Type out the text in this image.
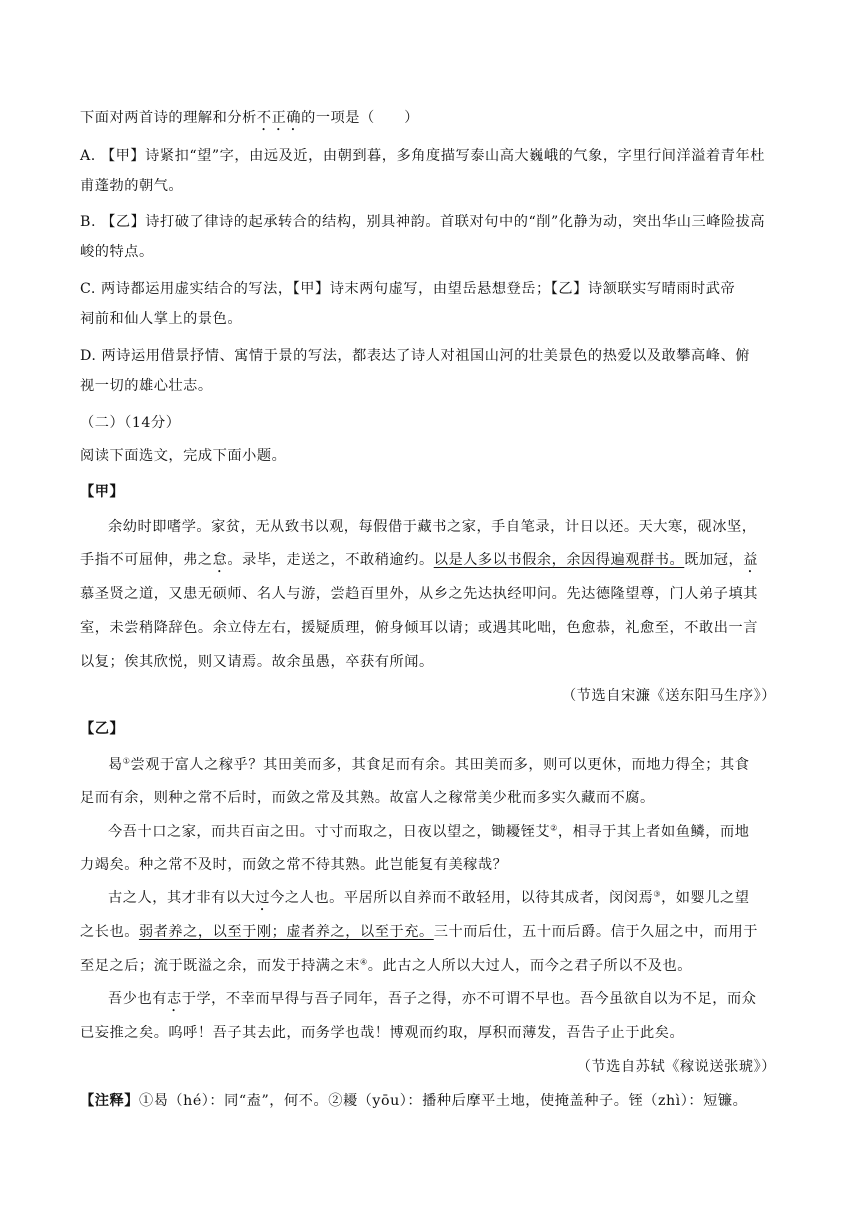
下面对两首诗的理解和分析不正确的一项是（　　）
A. 【甲】诗紧扣“望”字，由远及近，由朝到暮，多角度描写泰山高大巍峨的气象，字里行间洋溢着青年杜
甫蓬勃的朝气。
B. 【乙】诗打破了律诗的起承转合的结构，别具神韵。首联对句中的“削”化静为动，突出华山三峰险拔高
峻的特点。
C. 两诗都运用虚实结合的写法，【甲】诗末两句虚写，由望岳悬想登岳；【乙】诗颔联实写晴雨时武帝
祠前和仙人掌上的景色。
D. 两诗运用借景抒情、寓情于景的写法，都表达了诗人对祖国山河的壮美景色的热爱以及敢攀高峰、俯
视一切的雄心壮志。
（二）（14分）
阅读下面选文，完成下面小题。
【甲】
余幼时即嗜学。家贫，无从致书以观，每假借于藏书之家，手自笔录，计日以还。天大寒，砚冰坚，
手指不可屈伸，弗之怠。录毕，走送之，不敢稍逾约。以是人多以书假余，余因得遍观群书。既加冠，益
慕圣贤之道，又患无硕师、名人与游，尝趋百里外，从乡之先达执经叩问。先达德隆望尊，门人弟子填其
室，未尝稍降辞色。余立侍左右，援疑质理，俯身倾耳以请；或遇其叱咄，色愈恭，礼愈至，不敢出一言
以复；俟其欣悦，则又请焉。故余虽愚，卒获有所闻。
（节选自宋濂《送东阳马生序》）
【乙】
曷①尝观于富人之稼乎？其田美而多，其食足而有余。其田美而多，则可以更休，而地力得全；其食
足而有余，则种之常不后时，而敛之常及其熟。故富人之稼常美少秕而多实久藏而不腐。
今吾十口之家，而共百亩之田。寸寸而取之，日夜以望之，锄耰铚艾②，相寻于其上者如鱼鳞，而地
力竭矣。种之常不及时，而敛之常不待其熟。此岂能复有美稼哉？
古之人，其才非有以大过今之人也。平居所以自养而不敢轻用，以待其成者，闵闵焉③，如婴儿之望
之长也。弱者养之，以至于刚；虚者养之，以至于充。三十而后仕，五十而后爵。信于久屈之中，而用于
至足之后；流于既溢之余，而发于持满之末④。此古之人所以大过人，而今之君子所以不及也。
吾少也有志于学，不幸而早得与吾子同年，吾子之得，亦不可谓不早也。吾今虽欲自以为不足，而众
已妄推之矣。呜呼！吾子其去此，而务学也哉！博观而约取，厚积而薄发，吾告子止于此矣。
（节选自苏轼《稼说送张琥》）
【注释】①曷（hé）：同“盍”，何不。②耰（yōu）：播种后摩平土地，使掩盖种子。铚（zhì）：短镰。
